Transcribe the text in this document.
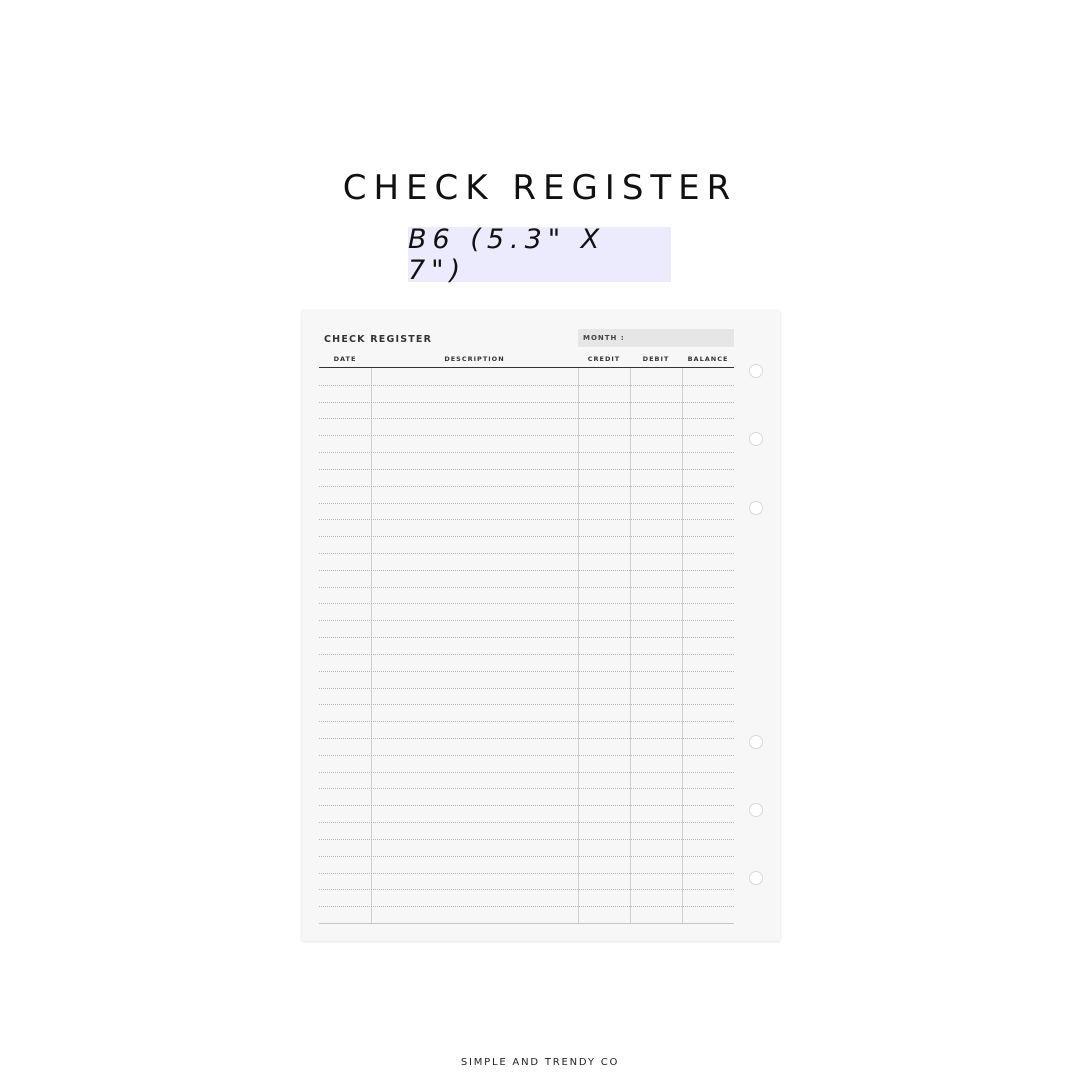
CHECK REGISTER
B6 (5.3" X 7")
CHECK REGISTER	MONTH :
DATE	DESCRIPTION	CREDIT	DEBIT	BALANCE
SIMPLE AND TRENDY CO
